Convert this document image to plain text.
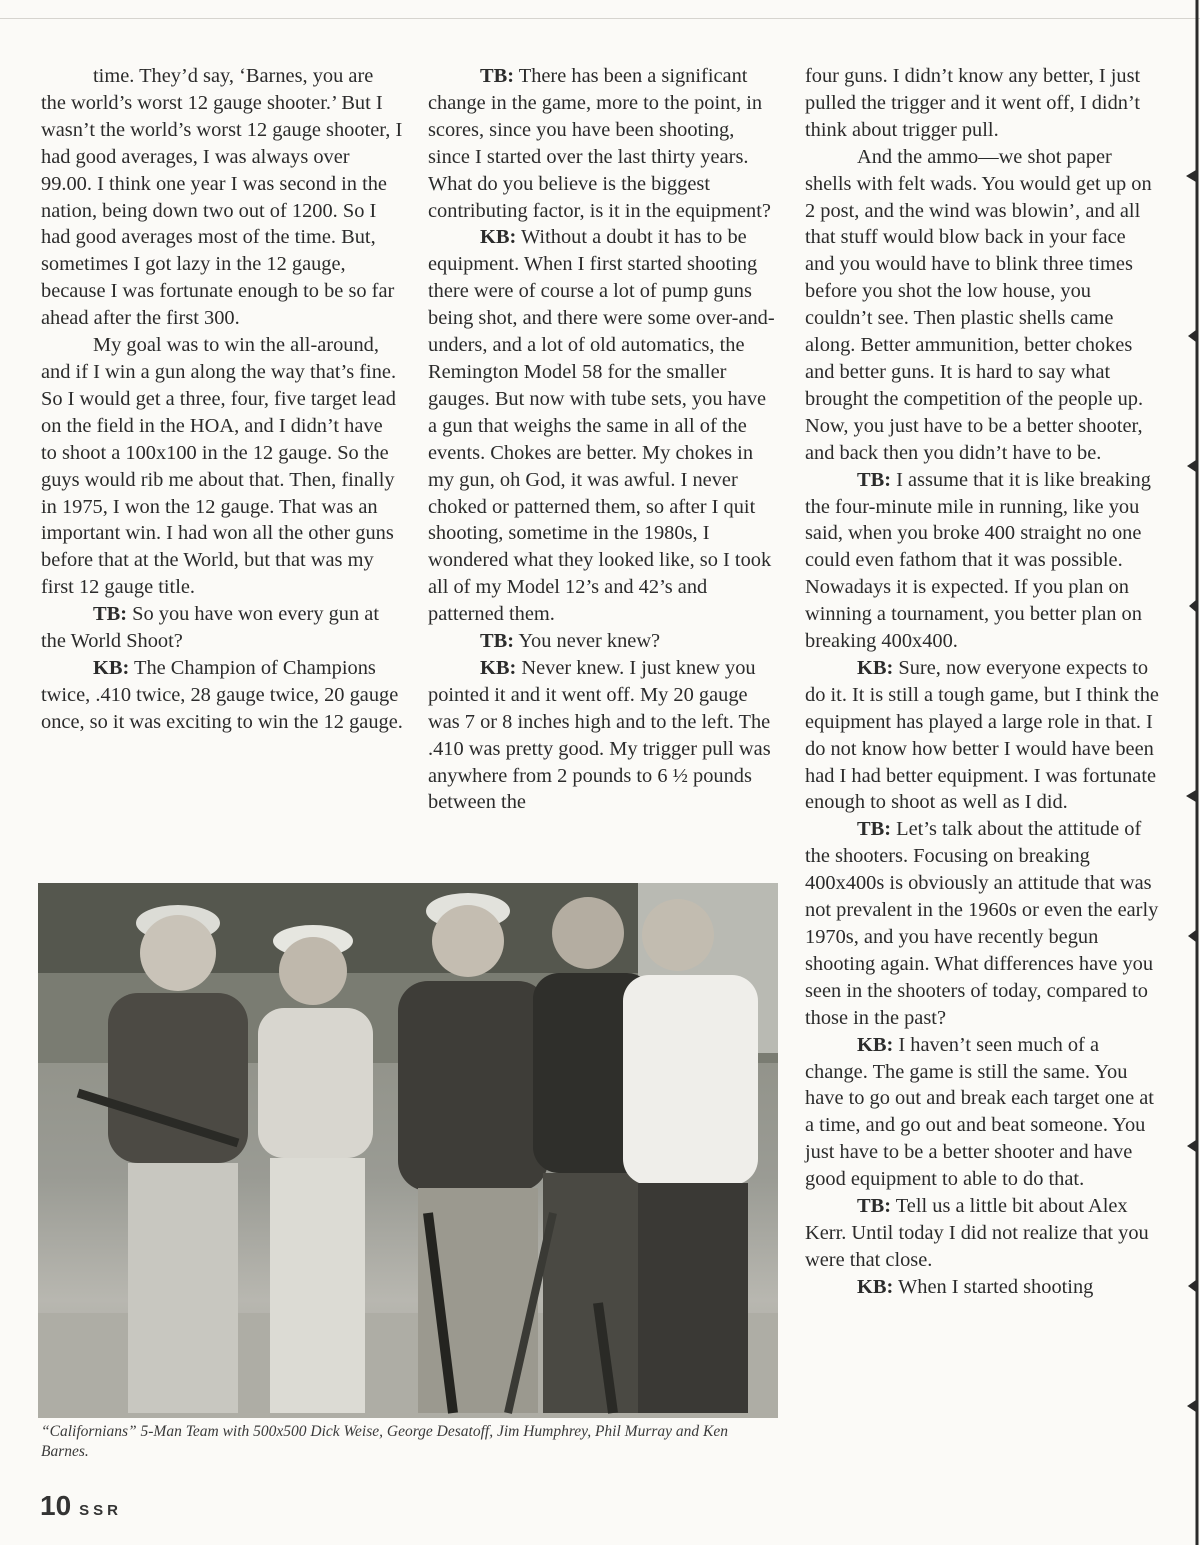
time. They’d say, ‘Barnes, you are the world’s worst 12 gauge shooter.’ But I wasn’t the world’s worst 12 gauge shooter, I had good averages, I was always over 99.00. I think one year I was second in the nation, being down two out of 1200. So I had good averages most of the time. But, sometimes I got lazy in the 12 gauge, because I was fortunate enough to be so far ahead after the first 300.

My goal was to win the all-around, and if I win a gun along the way that’s fine. So I would get a three, four, five target lead on the field in the HOA, and I didn’t have to shoot a 100x100 in the 12 gauge. So the guys would rib me about that. Then, finally in 1975, I won the 12 gauge. That was an important win. I had won all the other guns before that at the World, but that was my first 12 gauge title.

TB: So you have won every gun at the World Shoot?

KB: The Champion of Champions twice, .410 twice, 28 gauge twice, 20 gauge once, so it was exciting to win the 12 gauge.

TB: There has been a significant change in the game, more to the point, in scores, since you have been shooting, since I started over the last thirty years. What do you believe is the biggest contributing factor, is it in the equipment?

KB: Without a doubt it has to be equipment. When I first started shooting there were of course a lot of pump guns being shot, and there were some over-and-unders, and a lot of old automatics, the Remington Model 58 for the smaller gauges. But now with tube sets, you have a gun that weighs the same in all of the events. Chokes are better. My chokes in my gun, oh God, it was awful. I never choked or patterned them, so after I quit shooting, sometime in the 1980s, I wondered what they looked like, so I took all of my Model 12’s and 42’s and patterned them.

TB: You never knew?

KB: Never knew. I just knew you pointed it and it went off. My 20 gauge was 7 or 8 inches high and to the left. The .410 was pretty good. My trigger pull was anywhere from 2 pounds to 6 ½ pounds between the

four guns. I didn’t know any better, I just pulled the trigger and it went off, I didn’t think about trigger pull.

And the ammo—we shot paper shells with felt wads. You would get up on 2 post, and the wind was blowin’, and all that stuff would blow back in your face and you would have to blink three times before you shot the low house, you couldn’t see. Then plastic shells came along. Better ammunition, better chokes and better guns. It is hard to say what brought the competition of the people up. Now, you just have to be a better shooter, and back then you didn’t have to be.

TB: I assume that it is like breaking the four-minute mile in running, like you said, when you broke 400 straight no one could even fathom that it was possible. Nowadays it is expected. If you plan on winning a tournament, you better plan on breaking 400x400.

KB: Sure, now everyone expects to do it. It is still a tough game, but I think the equipment has played a large role in that. I do not know how better I would have been had I had better equipment. I was fortunate enough to shoot as well as I did.

TB: Let’s talk about the attitude of the shooters. Focusing on breaking 400x400s is obviously an attitude that was not prevalent in the 1960s or even the early 1970s, and you have recently begun shooting again. What differences have you seen in the shooters of today, compared to those in the past?

KB: I haven’t seen much of a change. The game is still the same. You have to go out and break each target one at a time, and go out and beat someone. You just have to be a better shooter and have good equipment to able to do that.

TB: Tell us a little bit about Alex Kerr. Until today I did not realize that you were that close.

KB: When I started shooting

“Californians” 5-Man Team with 500x500 Dick Weise, George Desatoff, Jim Humphrey, Phil Murray and Ken Barnes.
10 SSR
